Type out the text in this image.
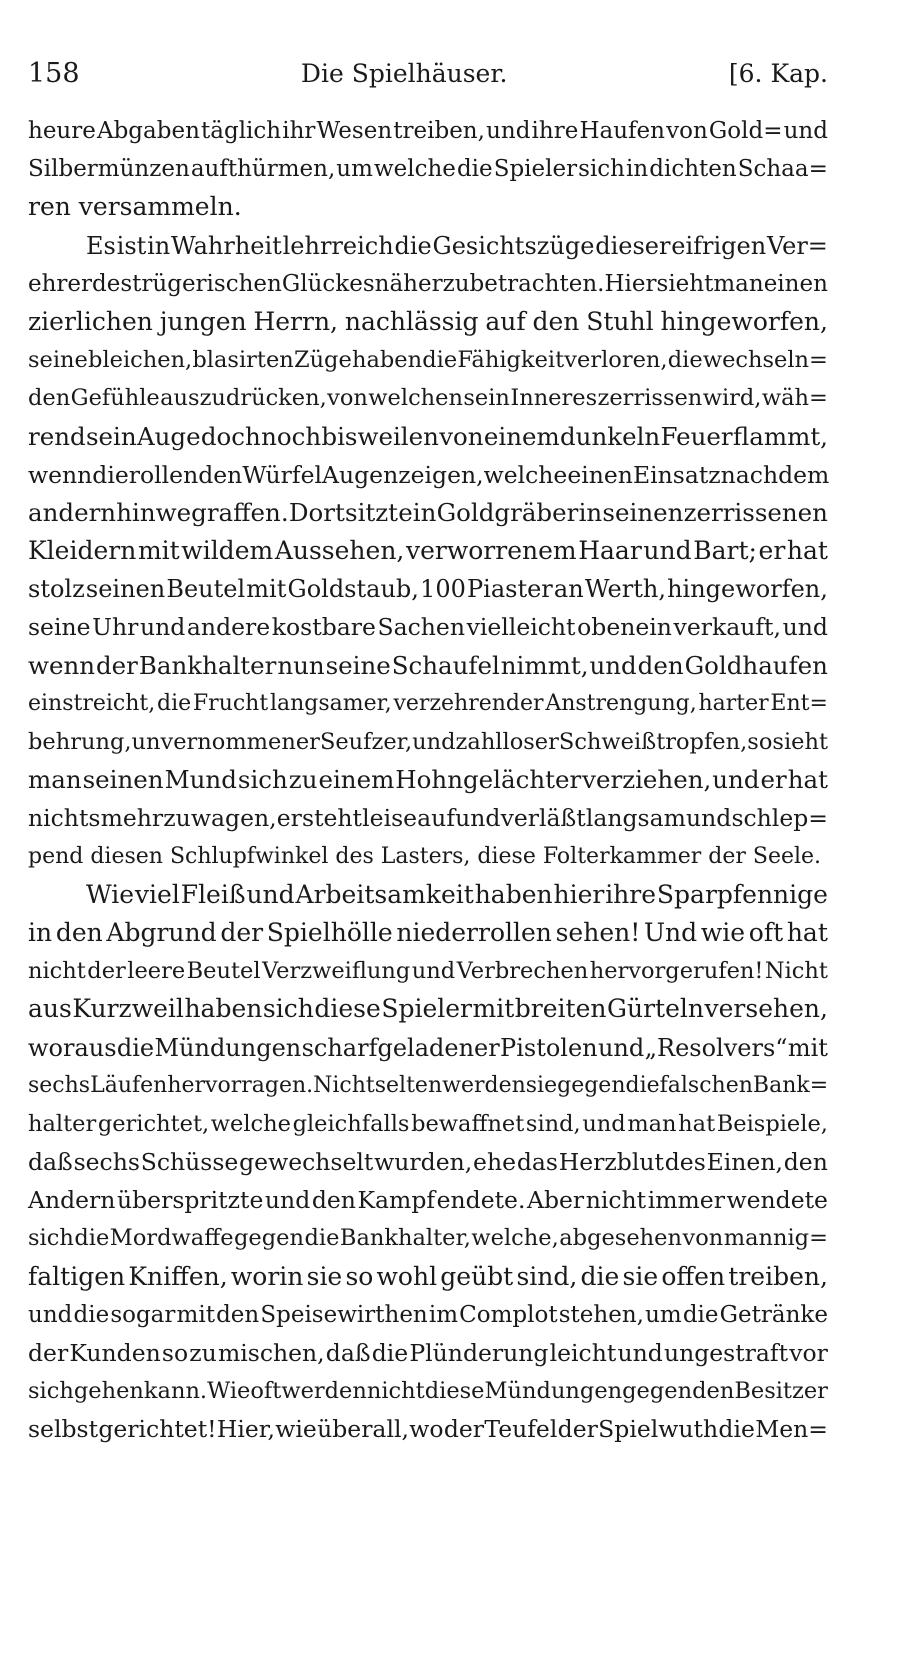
158	Die Spielhäuser.	[6. Kap.
heure Abgaben täglich ihr Wesen treiben, und ihre Haufen von Gold= und
Silbermünzen aufthürmen, um welche die Spieler sich in dichten Schaa=
ren versammeln.
Es ist in Wahrheit lehrreich die Gesichtszüge dieser eifrigen Ver=
ehrer des trügerischen Glückes näher zu betrachten. Hier sieht man einen
zierlichen jungen Herrn, nachlässig auf den Stuhl hingeworfen,
seine bleichen, blasirten Züge haben die Fähigkeit verloren, die wechseln=
den Gefühle auszudrücken, von welchen sein Inneres zerrissen wird, wäh=
rend sein Auge doch noch bisweilen von einem dunkeln Feuer flammt,
wenn die rollenden Würfel Augen zeigen, welche einen Einsatz nach dem
andern hinwegraffen. Dort sitzt ein Goldgräber in seinen zerrissenen
Kleidern mit wildem Aussehen, verworrenem Haar und Bart; er hat
stolz seinen Beutel mit Goldstaub, 100 Piaster an Werth, hingeworfen,
seine Uhr und andere kostbare Sachen vielleicht obenein verkauft, und
wenn der Bankhalter nun seine Schaufel nimmt, und den Goldhaufen
einstreicht, die Frucht langsamer, verzehrender Anstrengung, harter Ent=
behrung, unvernommener Seufzer, und zahlloser Schweißtropfen, so sieht
man seinen Mund sich zu einem Hohngelächter verziehen, und er hat
nichts mehr zu wagen, er steht leise auf und verläßt langsam und schlep=
pend diesen Schlupfwinkel des Lasters, diese Folterkammer der Seele.
Wie viel Fleiß und Arbeitsamkeit haben hier ihre Sparpfennige
in den Abgrund der Spielhölle niederrollen sehen! Und wie oft hat
nicht der leere Beutel Verzweiflung und Verbrechen hervorgerufen! Nicht
aus Kurzweil haben sich diese Spieler mit breiten Gürteln versehen,
woraus die Mündungen scharfgeladener Pistolen und „Resolvers“ mit
sechs Läufen hervorragen. Nicht selten werden sie gegen die falschen Bank=
halter gerichtet, welche gleichfalls bewaffnet sind, und man hat Beispiele,
daß sechs Schüsse gewechselt wurden, ehe das Herzblut des Einen, den
Andern überspritzte und den Kampf endete. Aber nicht immer wendete
sich die Mordwaffe gegen die Bankhalter, welche, abgesehen von mannig=
faltigen Kniffen, worin sie so wohl geübt sind, die sie offen treiben,
und die sogar mit den Speisewirthen im Complot stehen, um die Getränke
der Kunden so zu mischen, daß die Plünderung leicht und ungestraft vor
sich gehen kann. Wie oft werden nicht diese Mündungen gegen den Besitzer
selbst gerichtet! Hier, wie überall, wo der Teufel der Spielwuth die Men=
